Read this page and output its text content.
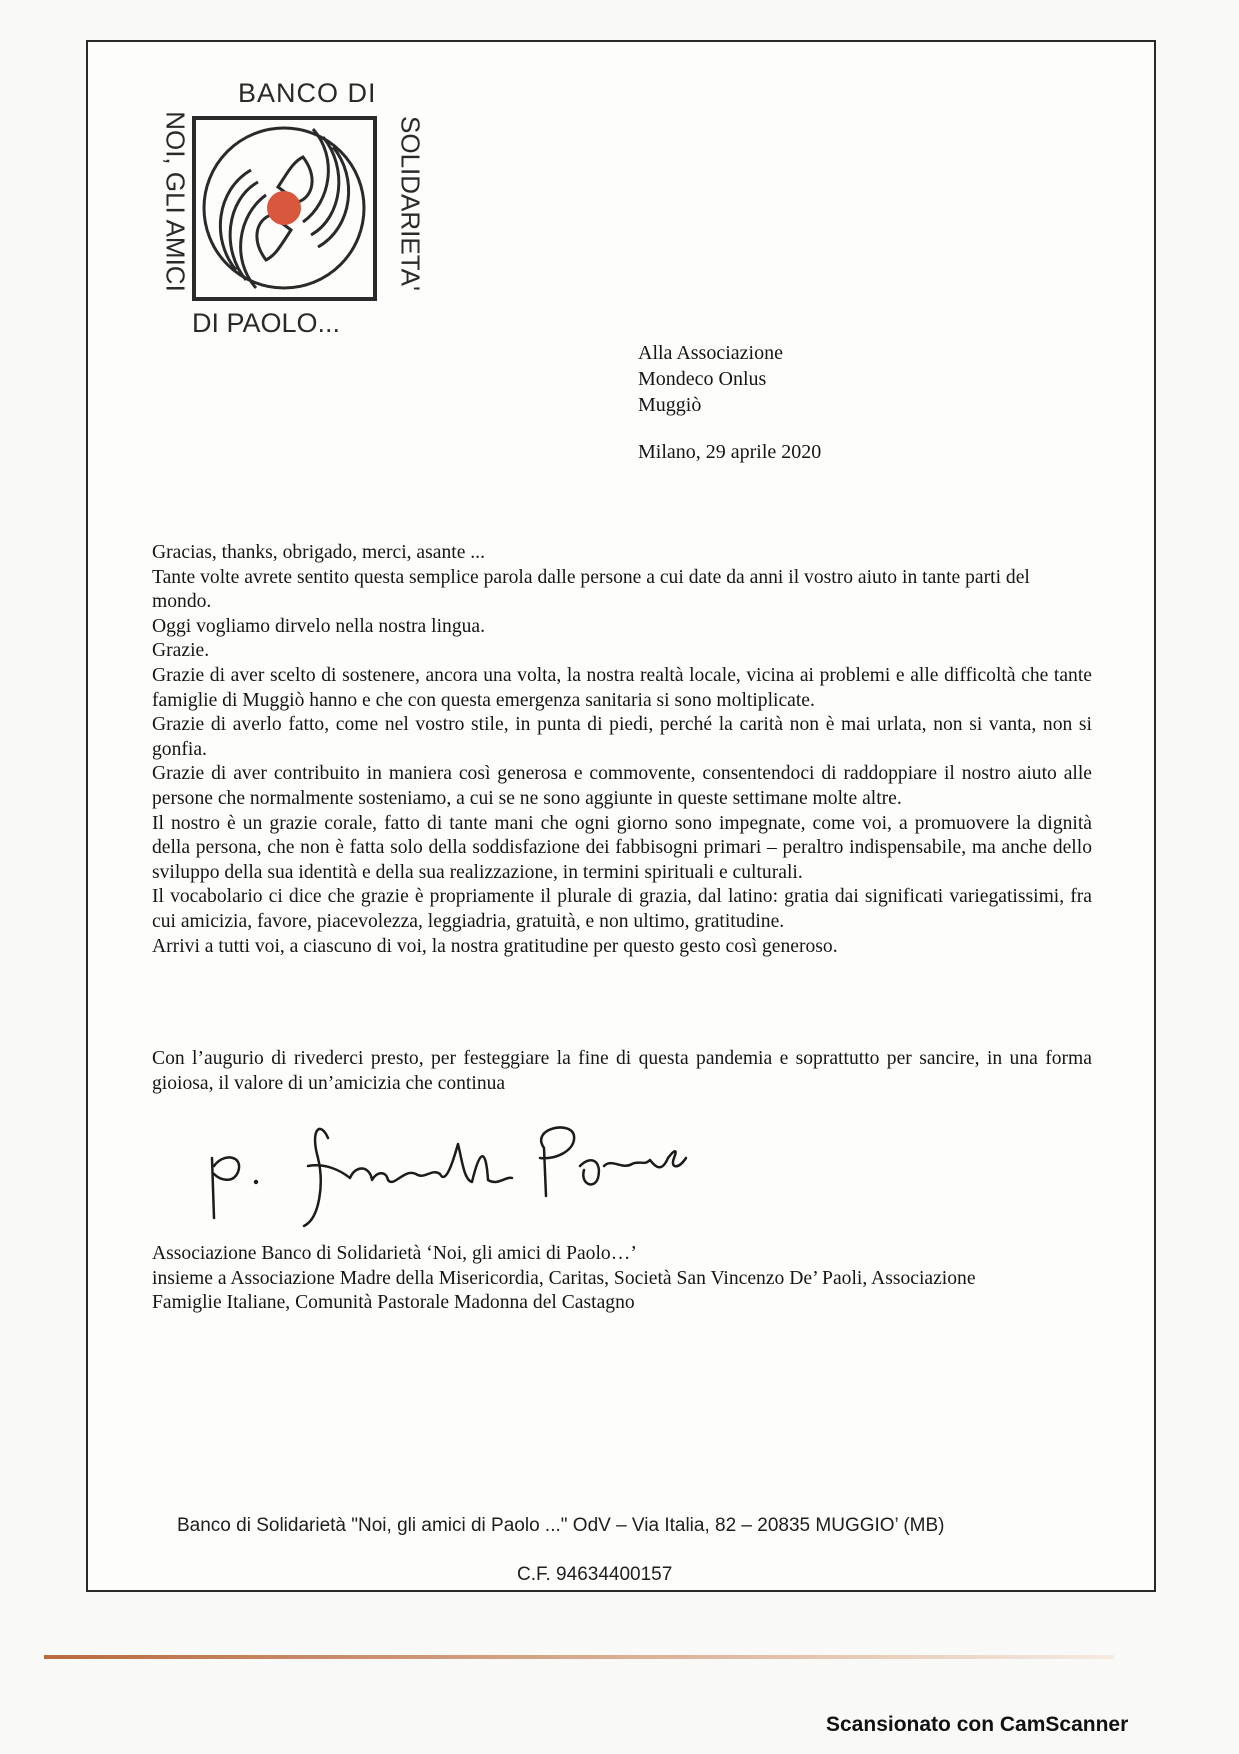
BANCO DI
NOI, GLI AMICI	SOLIDARIETA'
DI PAOLO...
Alla Associazione
Mondeco Onlus
Muggiò
Milano, 29 aprile 2020

Gracias, thanks, obrigado, merci, asante ...

Tante volte avrete sentito questa semplice parola dalle persone a cui date da anni il vostro aiuto in tante parti del mondo.

Oggi vogliamo dirvelo nella nostra lingua.

Grazie.

Grazie di aver scelto di sostenere, ancora una volta, la nostra realtà locale, vicina ai problemi e alle difficoltà che tante famiglie di Muggiò hanno e che con questa emergenza sanitaria si sono moltiplicate.

Grazie di averlo fatto, come nel vostro stile, in punta di piedi, perché la carità non è mai urlata, non si vanta, non si gonfia.

Grazie di aver contribuito in maniera così generosa e commovente, consentendoci di raddoppiare il nostro aiuto alle persone che normalmente sosteniamo, a cui se ne sono aggiunte in queste settimane molte altre.

Il nostro è un grazie corale, fatto di tante mani che ogni giorno sono impegnate, come voi, a promuovere la dignità della persona, che non è fatta solo della soddisfazione dei fabbisogni primari – peraltro indispensabile, ma anche dello sviluppo della sua identità e della sua realizzazione, in termini spirituali e culturali.

Il vocabolario ci dice che grazie è propriamente il plurale di grazia, dal latino: gratia dai significati variegatissimi, fra cui amicizia, favore, piacevolezza, leggiadria, gratuità, e non ultimo, gratitudine.

Arrivi a tutti voi, a ciascuno di voi, la nostra gratitudine per questo gesto così generoso.

Con l’augurio di rivederci presto, per festeggiare la fine di questa pandemia e soprattutto per sancire, in una forma gioiosa, il valore di un’amicizia che continua
Associazione Banco di Solidarietà ‘Noi, gli amici di Paolo…’
insieme a Associazione Madre della Misericordia, Caritas, Società San Vincenzo De’ Paoli, Associazione
Famiglie Italiane, Comunità Pastorale Madonna del Castagno
Banco di Solidarietà "Noi, gli amici di Paolo ..." OdV – Via Italia, 82 – 20835 MUGGIO’ (MB)
C.F. 94634400157
Scansionato con CamScanner
